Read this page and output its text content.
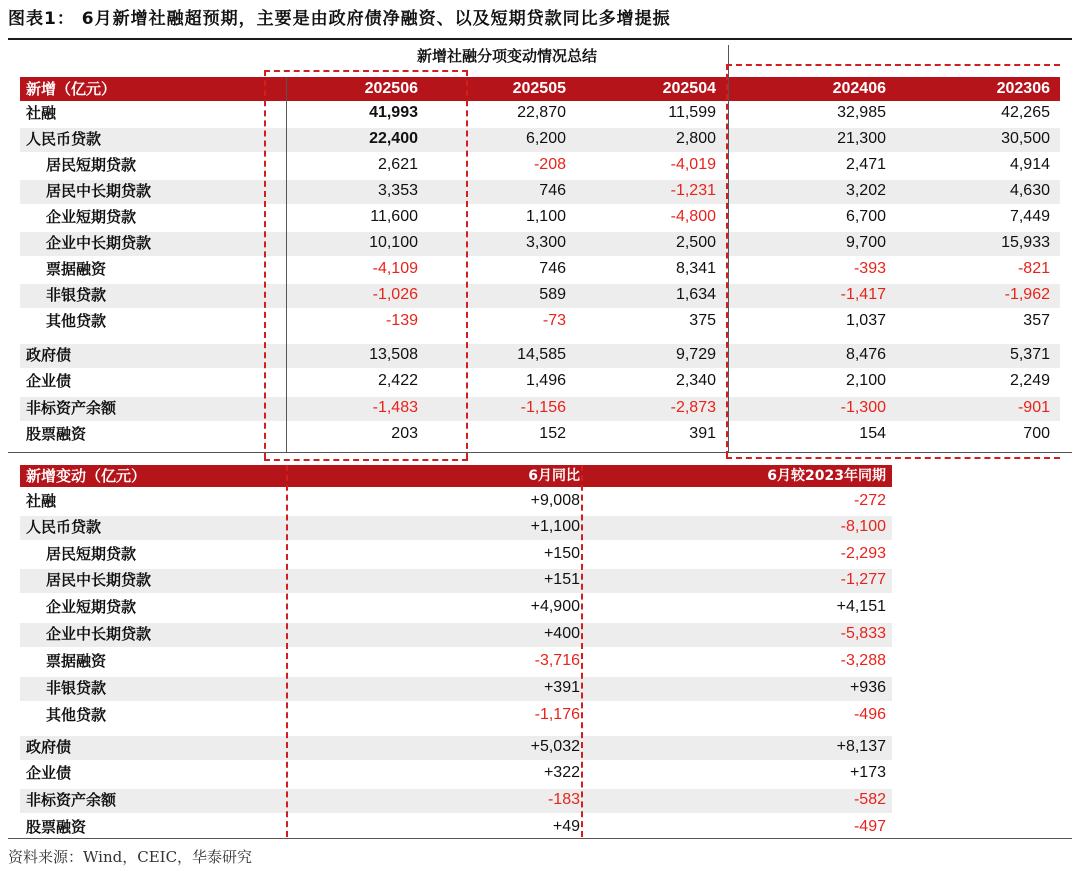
图表1： 6月新增社融超预期，主要是由政府债净融资、以及短期贷款同比多增提振
新增社融分项变动情况总结
新增（亿元）	202506	202505	202504	202406	202306
社融	41,993	22,870	11,599	32,985	42,265
人民币贷款	22,400	6,200	2,800	21,300	30,500
居民短期贷款	2,621	-208	-4,019	2,471	4,914
居民中长期贷款	3,353	746	-1,231	3,202	4,630
企业短期贷款	11,600	1,100	-4,800	6,700	7,449
企业中长期贷款	10,100	3,300	2,500	9,700	15,933
票据融资	-4,109	746	8,341	-393	-821
非银贷款	-1,026	589	1,634	-1,417	-1,962
其他贷款	-139	-73	375	1,037	357
政府债	13,508	14,585	9,729	8,476	5,371
企业债	2,422	1,496	2,340	2,100	2,249
非标资产余额	-1,483	-1,156	-2,873	-1,300	-901
股票融资	203	152	391	154	700
新增变动（亿元）	6月同比	6月较2023年同期
社融	+9,008	-272
人民币贷款	+1,100	-8,100
居民短期贷款	+150	-2,293
居民中长期贷款	+151	-1,277
企业短期贷款	+4,900	+4,151
企业中长期贷款	+400	-5,833
票据融资	-3,716	-3,288
非银贷款	+391	+936
其他贷款	-1,176	-496
政府债	+5,032	+8,137
企业债	+322	+173
非标资产余额	-183	-582
股票融资	+49	-497
资料来源：Wind，CEIC，华泰研究
